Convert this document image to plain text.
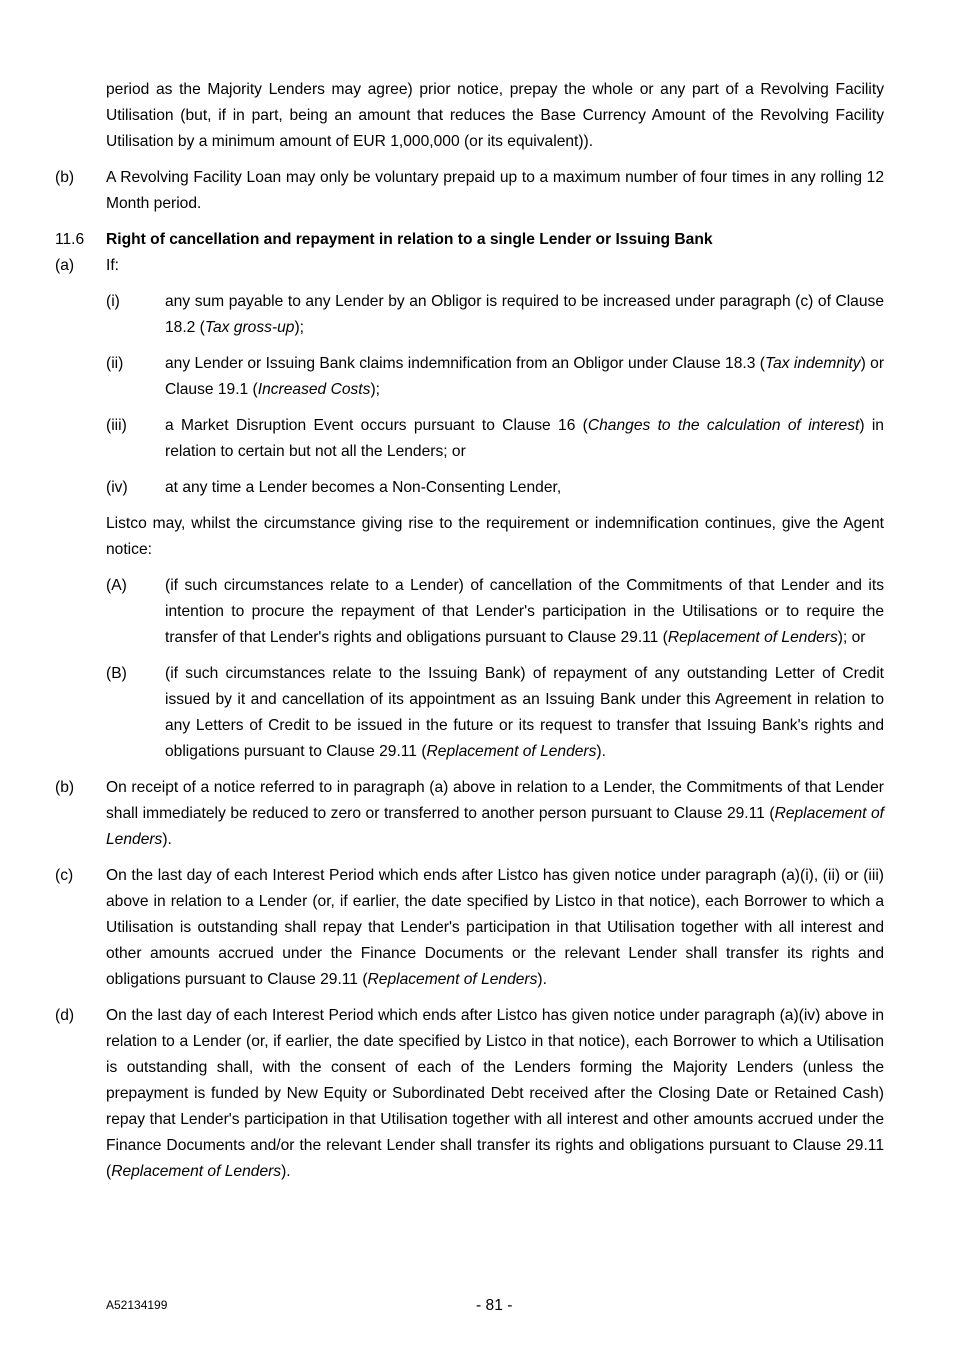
period as the Majority Lenders may agree) prior notice, prepay the whole or any part of a Revolving Facility Utilisation (but, if in part, being an amount that reduces the Base Currency Amount of the Revolving Facility Utilisation by a minimum amount of EUR 1,000,000 (or its equivalent)).
(b) A Revolving Facility Loan may only be voluntary prepaid up to a maximum number of four times in any rolling 12 Month period.
11.6 Right of cancellation and repayment in relation to a single Lender or Issuing Bank
(a) If:
(i)	any sum payable to any Lender by an Obligor is required to be increased under paragraph (c) of Clause 18.2 (Tax gross-up);
(ii)	any Lender or Issuing Bank claims indemnification from an Obligor under Clause 18.3 (Tax indemnity) or Clause 19.1 (Increased Costs);
(iii) a Market Disruption Event occurs pursuant to Clause 16 (Changes to the calculation of interest) in relation to certain but not all the Lenders; or
(iv) at any time a Lender becomes a Non-Consenting Lender,
Listco may, whilst the circumstance giving rise to the requirement or indemnification continues, give the Agent notice:
(A) (if such circumstances relate to a Lender) of cancellation of the Commitments of that Lender and its intention to procure the repayment of that Lender's participation in the Utilisations or to require the transfer of that Lender's rights and obligations pursuant to Clause 29.11 (Replacement of Lenders); or
(B) (if such circumstances relate to the Issuing Bank) of repayment of any outstanding Letter of Credit issued by it and cancellation of its appointment as an Issuing Bank under this Agreement in relation to any Letters of Credit to be issued in the future or its request to transfer that Issuing Bank's rights and obligations pursuant to Clause 29.11 (Replacement of Lenders).
(b) On receipt of a notice referred to in paragraph (a) above in relation to a Lender, the Commitments of that Lender shall immediately be reduced to zero or transferred to another person pursuant to Clause 29.11 (Replacement of Lenders).
(c) On the last day of each Interest Period which ends after Listco has given notice under paragraph (a)(i), (ii) or (iii) above in relation to a Lender (or, if earlier, the date specified by Listco in that notice), each Borrower to which a Utilisation is outstanding shall repay that Lender's participation in that Utilisation together with all interest and other amounts accrued under the Finance Documents or the relevant Lender shall transfer its rights and obligations pursuant to Clause 29.11 (Replacement of Lenders).
(d) On the last day of each Interest Period which ends after Listco has given notice under paragraph (a)(iv) above in relation to a Lender (or, if earlier, the date specified by Listco in that notice), each Borrower to which a Utilisation is outstanding shall, with the consent of each of the Lenders forming the Majority Lenders (unless the prepayment is funded by New Equity or Subordinated Debt received after the Closing Date or Retained Cash) repay that Lender's participation in that Utilisation together with all interest and other amounts accrued under the Finance Documents and/or the relevant Lender shall transfer its rights and obligations pursuant to Clause 29.11 (Replacement of Lenders).
A52134199	- 81 -
